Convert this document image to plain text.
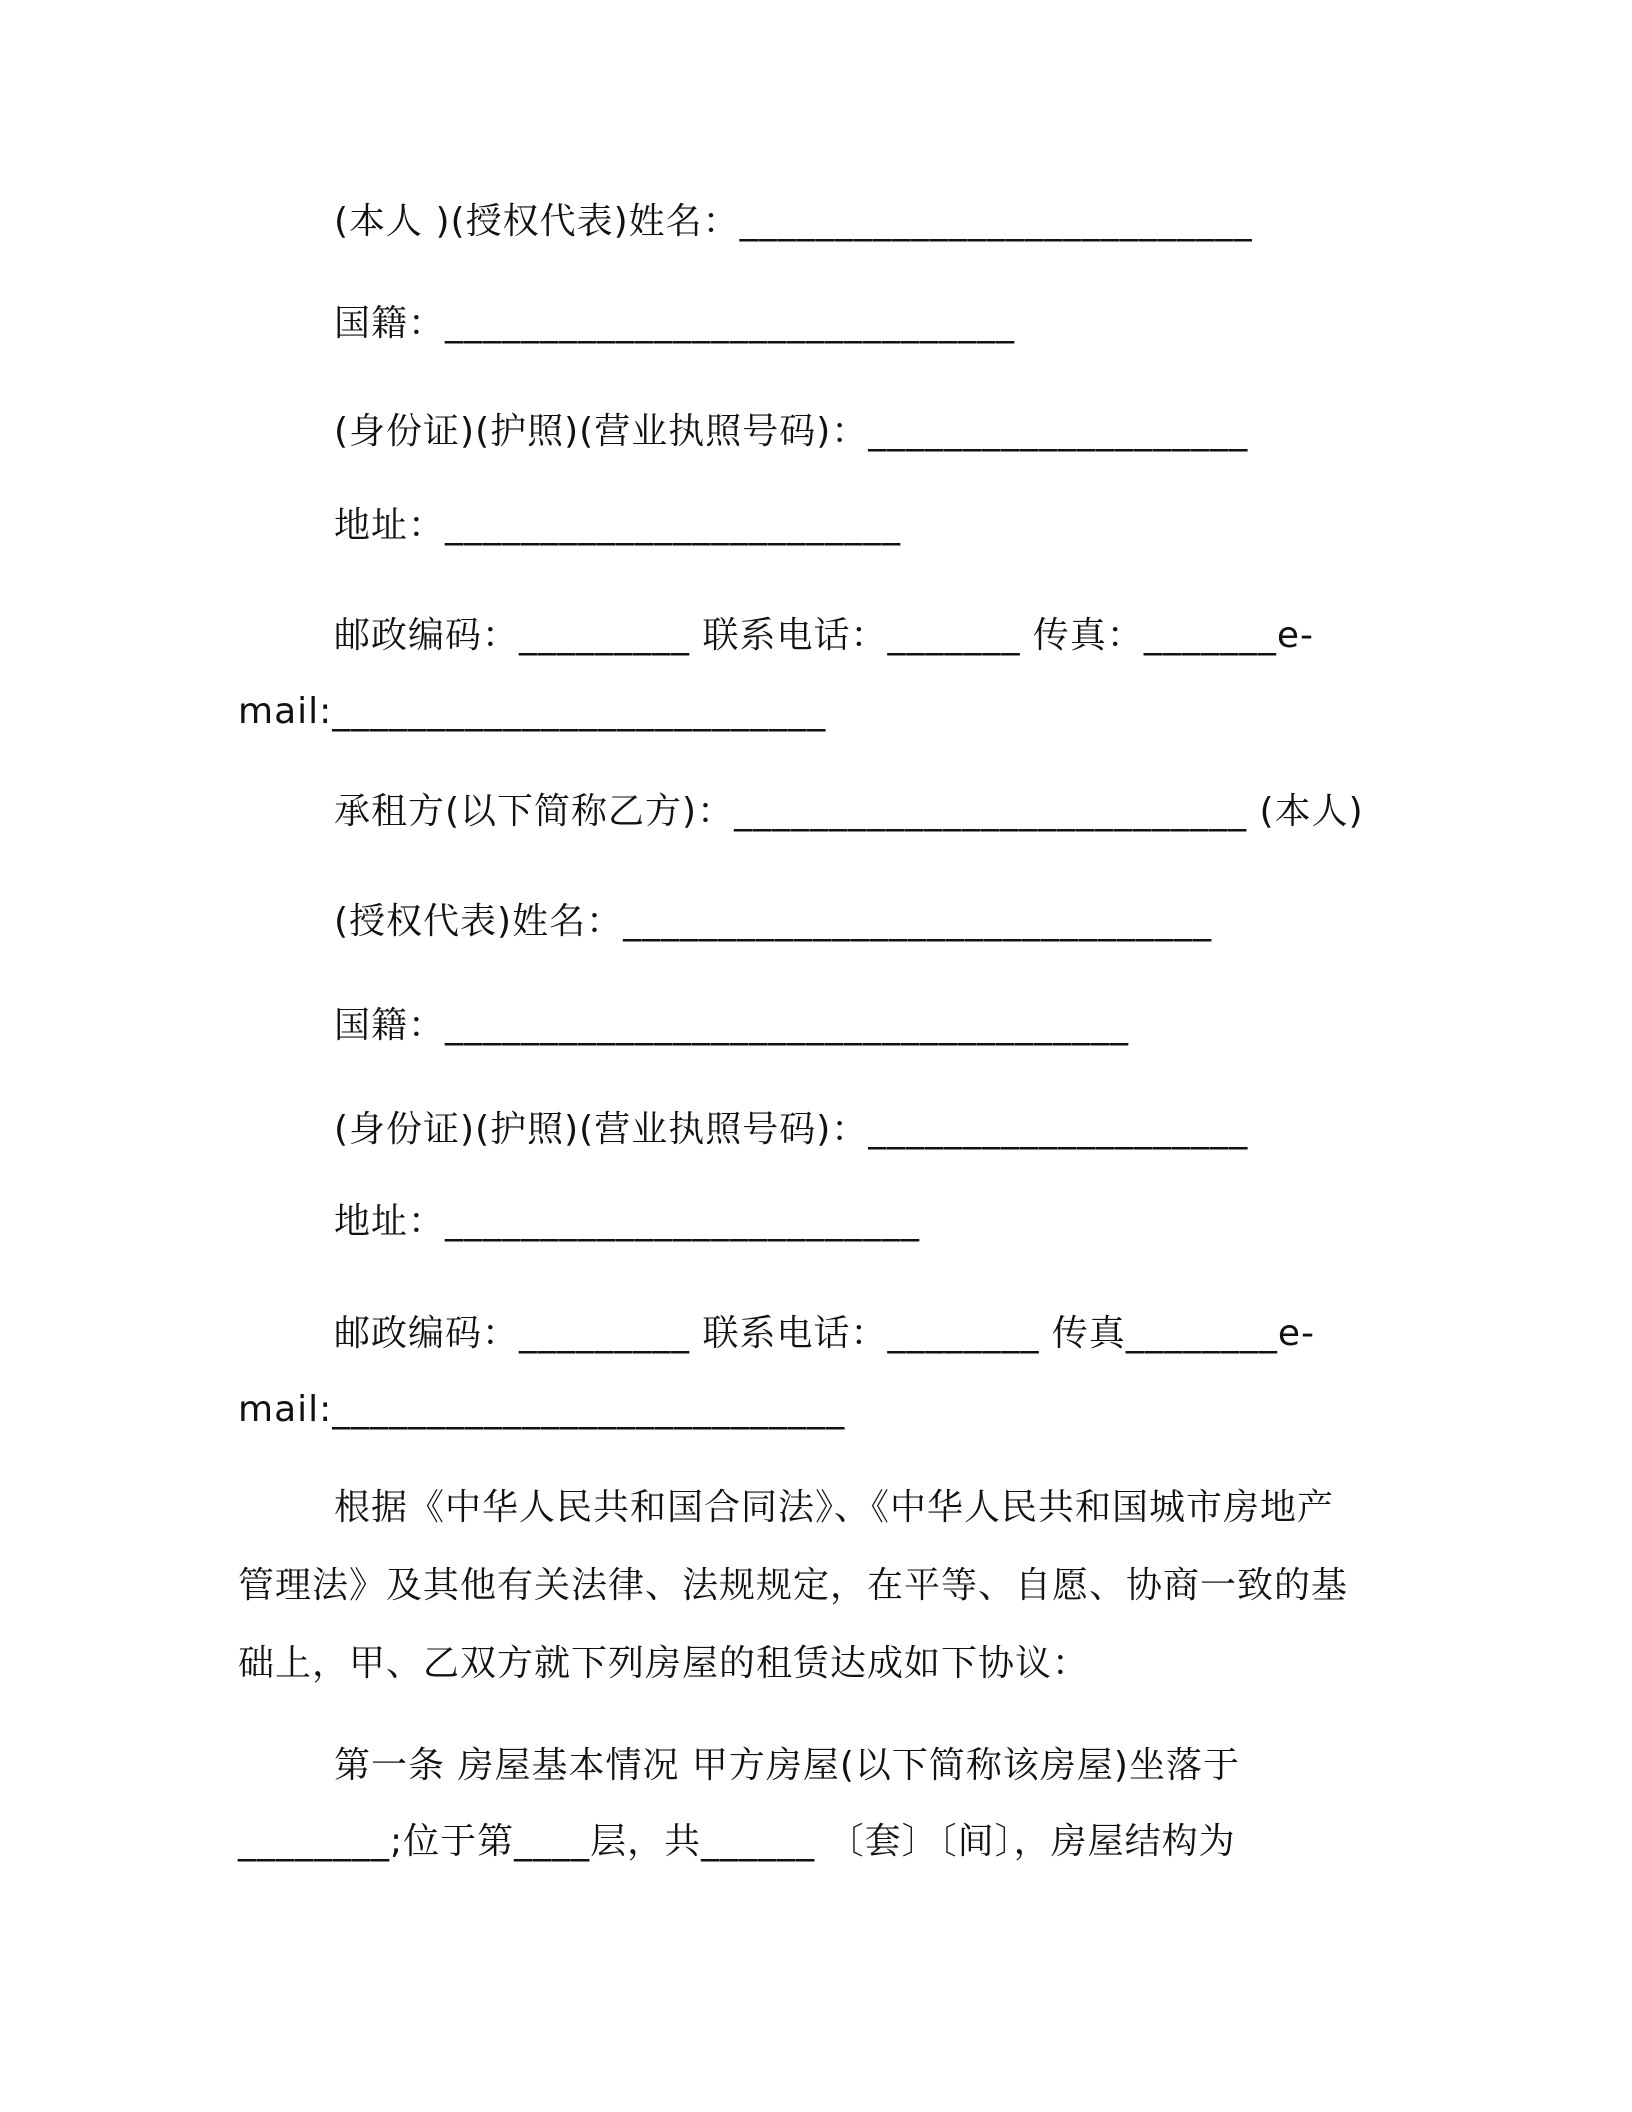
(本人 )(授权代表)姓名：___________________________
国籍：______________________________
(身份证)(护照)(营业执照号码)：____________________
地址：________________________
邮政编码：_________ 联系电话：_______ 传真：_______e-
mail:__________________________
承租方(以下简称乙方)：___________________________ (本人)
(授权代表)姓名：_______________________________
国籍：____________________________________
(身份证)(护照)(营业执照号码)：____________________
地址：_________________________
邮政编码：_________ 联系电话：________ 传真________e-
mail:___________________________
根据《中华人民共和国合同法》、《中华人民共和国城市房地产
管理法》及其他有关法律、法规规定，在平等、自愿、协商一致的基
础上，甲、乙双方就下列房屋的租赁达成如下协议：
第一条 房屋基本情况 甲方房屋(以下简称该房屋)坐落于
________;位于第____层，共______ 〔套〕〔间〕，房屋结构为
